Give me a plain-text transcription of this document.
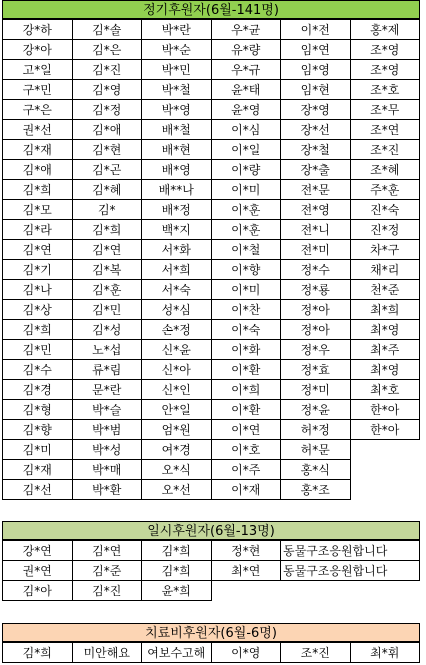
정기후원자(6월-141명)
강*하	김*솔	박*란	우*균	이*전	홍*제
강*아	김*은	박*순	유*량	임*연	조*영
고*일	김*진	박*민	우*규	임*영	조*영
구*민	김*영	박*철	윤*태	임*현	조*호
구*은	김*정	박*영	윤*영	장*영	조*무
권*선	김*애	배*철	이*심	장*선	조*연
김*재	김*현	배*현	이*일	장*철	조*진
김*애	김*곤	배*영	이*량	장*출	조*혜
김*희	김*혜	배**나	이*미	전*문	주*훈
김*모	김*	배*정	이*훈	전*영	진*숙
김*라	김*희	백*지	이*훈	전*니	진*정
김*연	김*연	서*화	이*철	전*미	차*구
김*기	김*복	서*희	이*향	정*수	채*리
김*나	김*훈	서*숙	이*미	정*룡	천*준
김*상	김*민	성*심	이*찬	정*아	최*희
김*희	김*성	손*정	이*숙	정*아	최*영
김*민	노*섭	신*윤	이*화	정*우	최*주
김*수	류*림	신*아	이*환	정*효	최*영
김*경	문*란	신*인	이*희	정*미	최*호
김*형	박*슬	안*일	이*환	정*윤	한*아
김*향	박*범	엄*원	이*연	허*정	한*아
김*미	박*성	여*경	이*호	허*문	
김*재	박*매	오*식	이*주	홍*식	
김*선	박*환	오*선	이*재	홍*조	
일시후원자(6월-13명)
강*연	김*연	김*희	정*현	동물구조응원합니다
권*연	김*준	김*희	최*연	동물구조응원합니다
김*아	김*진	윤*희		
치료비후원자(6월-6명)
김*희	미안해요	여보수고해	이*영	조*진	최*휘
